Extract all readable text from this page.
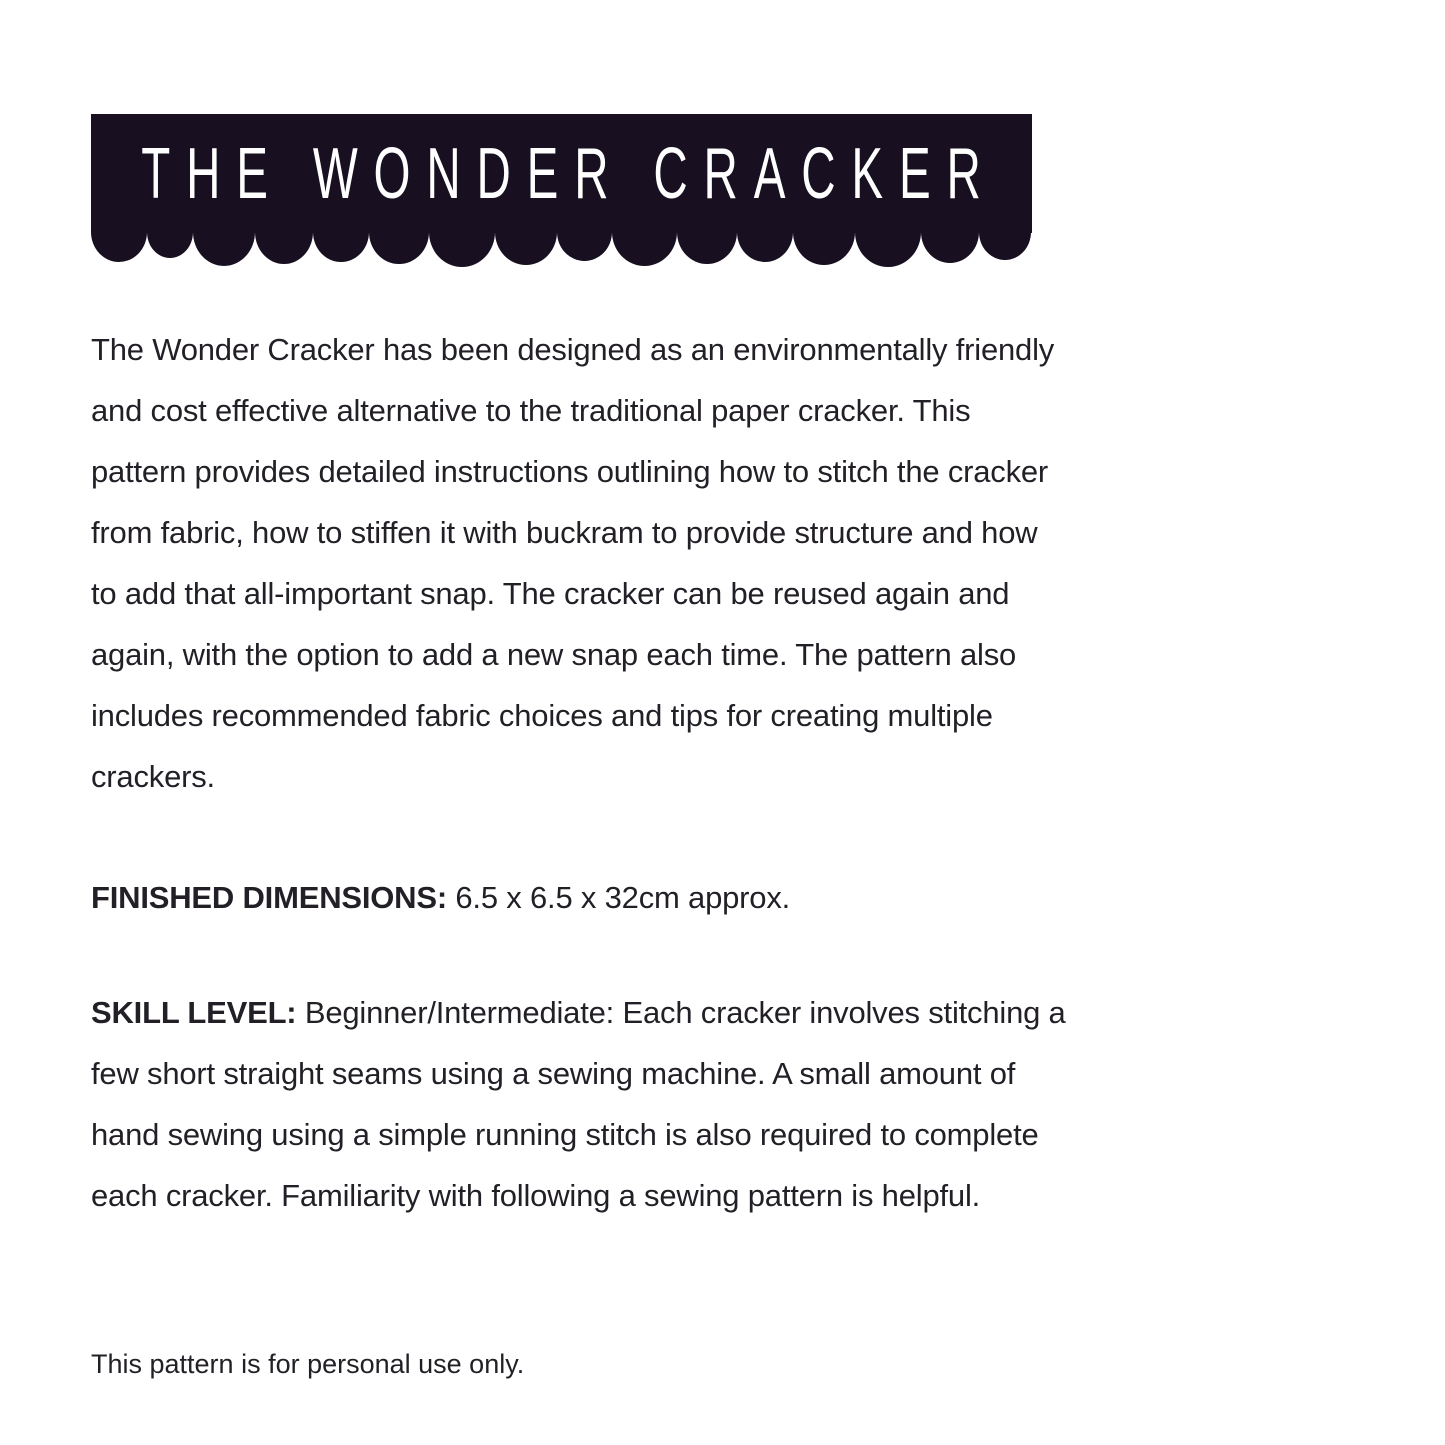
THE WONDER CRACKER
The Wonder Cracker has been designed as an environmentally friendly
and cost effective alternative to the traditional paper cracker. This
pattern provides detailed instructions outlining how to stitch the cracker
from fabric, how to stiffen it with buckram to provide structure and how
to add that all-important snap. The cracker can be reused again and
again, with the option to add a new snap each time. The pattern also
includes recommended fabric choices and tips for creating multiple
crackers.
FINISHED DIMENSIONS: 6.5 x 6.5 x 32cm approx.
SKILL LEVEL: Beginner/Intermediate: Each cracker involves stitching a
few short straight seams using a sewing machine. A small amount of
hand sewing using a simple running stitch is also required to complete
each cracker. Familiarity with following a sewing pattern is helpful.
This pattern is for personal use only.
